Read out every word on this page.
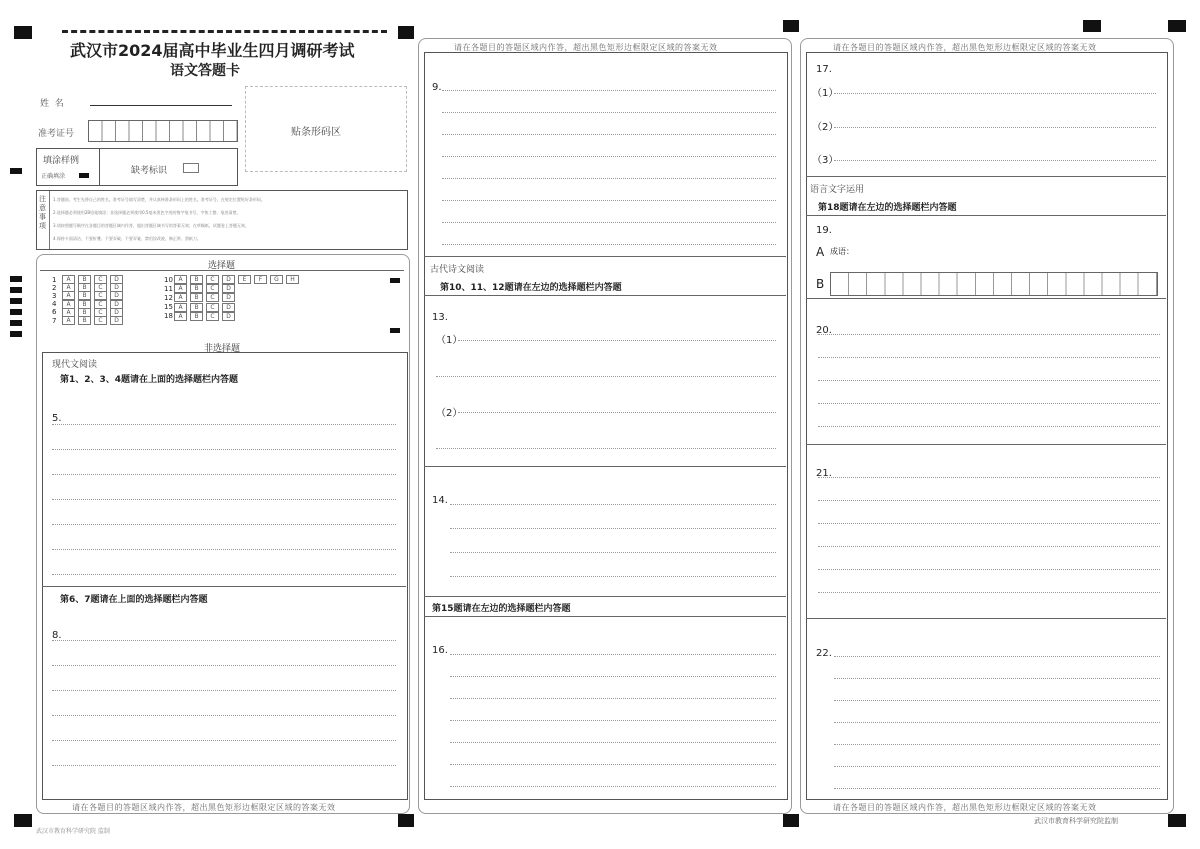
武汉市2024届高中毕业生四月调研考试
语文答题卡
姓  名
准考证号	贴条形码区
填涂样例
正确填涂
缺考标识
注意事项
1.答题前，考生先将自己的姓名、准考证号填写清楚，并认真核准条形码上的姓名、准考证号，在规定位置贴好条形码。
2.选择题必须使用2B铅笔填涂；非选择题必须使用0.5毫米黑色字迹的签字笔书写，字体工整、笔迹清楚。
3.请按照题号顺序在各题目的答题区域内作答，超出答题区域书写的答案无效；在草稿纸、试题卷上答题无效。
4.保持卡面清洁，不要折叠、不要弄破、不要弄皱，禁用涂改液、修正带、刮纸刀。
选择题
1 A B C D
2 A B C D
3 A B C D
4 A B C D
6 A B C D
7 A B C D
10 A B C D E F G H
11 A B C D
12 A B C D
15 A B C D
18 A B C D
非选择题
现代文阅读
第1、2、3、4题请在上面的选择题栏内答题
5.
第6、7题请在上面的选择题栏内答题
8.
请在各题目的答题区域内作答，超出黑色矩形边框限定区域的答案无效
请在各题目的答题区域内作答，超出黑色矩形边框限定区域的答案无效
9.
古代诗文阅读
第10、11、12题请在左边的选择题栏内答题
13.
（1）
（2）
14.
第15题请在左边的选择题栏内答题
16.
请在各题目的答题区域内作答，超出黑色矩形边框限定区域的答案无效
17.
（1）
（2）
（3）
语言文字运用
第18题请在左边的选择题栏内答题
19.
A 成语：
B
20.
21.
22.
请在各题目的答题区域内作答，超出黑色矩形边框限定区域的答案无效
武汉市教育科学研究院 监制
武汉市教育科学研究院监制
